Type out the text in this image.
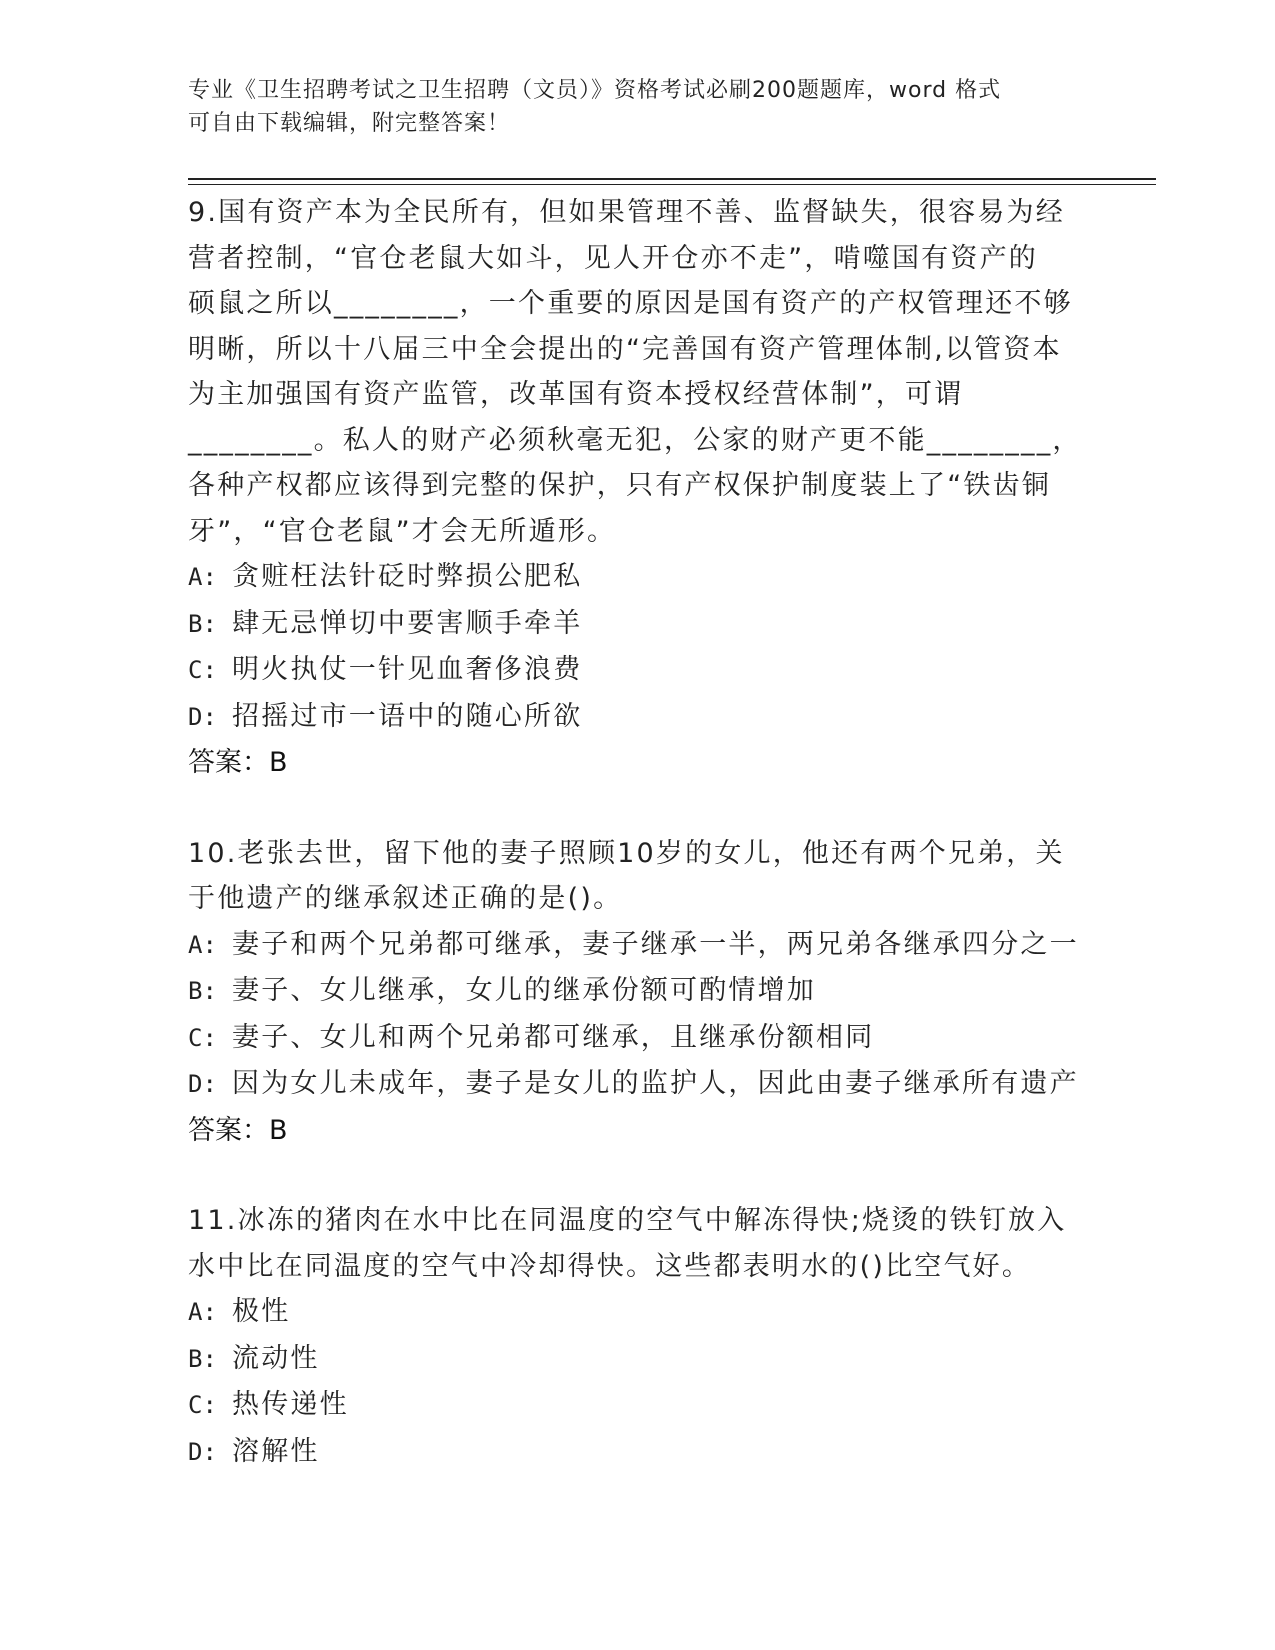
专业《卫生招聘考试之卫生招聘（文员）》资格考试必刷200题题库，word 格式
可自由下载编辑，附完整答案！
9.国有资产本为全民所有，但如果管理不善、监督缺失，很容易为经
营者控制，“官仓老鼠大如斗，见人开仓亦不走”，啃噬国有资产的
硕鼠之所以________，一个重要的原因是国有资产的产权管理还不够
明晰，所以十八届三中全会提出的“完善国有资产管理体制,以管资本
为主加强国有资产监管，改革国有资本授权经营体制”，可谓
________。私人的财产必须秋毫无犯，公家的财产更不能________，
各种产权都应该得到完整的保护，只有产权保护制度装上了“铁齿铜
牙”，“官仓老鼠”才会无所遁形。
A: 贪赃枉法针砭时弊损公肥私
B: 肆无忌惮切中要害顺手牵羊
C: 明火执仗一针见血奢侈浪费
D: 招摇过市一语中的随心所欲
答案：B
10.老张去世，留下他的妻子照顾10岁的女儿，他还有两个兄弟，关
于他遗产的继承叙述正确的是()。
A: 妻子和两个兄弟都可继承，妻子继承一半，两兄弟各继承四分之一
B: 妻子、女儿继承，女儿的继承份额可酌情增加
C: 妻子、女儿和两个兄弟都可继承，且继承份额相同
D: 因为女儿未成年，妻子是女儿的监护人，因此由妻子继承所有遗产
答案：B
11.冰冻的猪肉在水中比在同温度的空气中解冻得快;烧烫的铁钉放入
水中比在同温度的空气中冷却得快。这些都表明水的()比空气好。
A: 极性
B: 流动性
C: 热传递性
D: 溶解性
